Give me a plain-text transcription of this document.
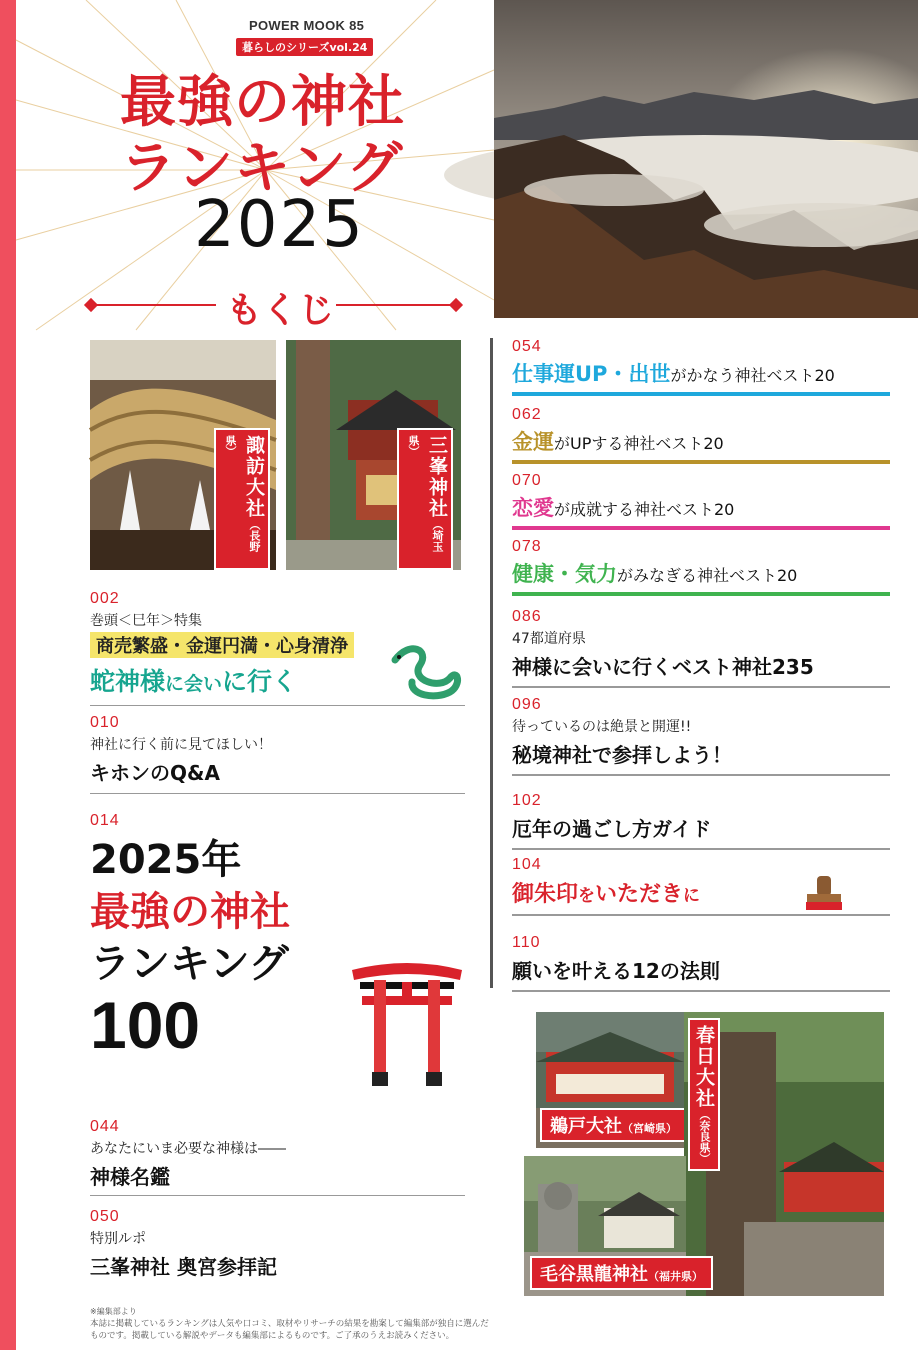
POWER MOOK 85
暮らしのシリーズvol.24
最強の神社
ランキング
2025
もくじ
諏訪大社（長野県）	三峯神社（埼玉県）
002
巻頭＜巳年＞特集
商売繁盛・金運円満・心身清浄
蛇神様に会いに行く
010
神社に行く前に見てほしい！
キホンのQ&A
014
2025年
最強の神社
ランキング
100
044
あなたにいま必要な神様は――
神様名鑑
050
特別ルポ
三峯神社 奥宮参拝記
054
仕事運UP・出世がかなう神社ベスト20
062
金運がUPする神社ベスト20
070
恋愛が成就する神社ベスト20
078
健康・気力がみなぎる神社ベスト20
086
47都道府県
神様に会いに行くベスト神社235
096
待っているのは絶景と開運!!
秘境神社で参拝しよう！
102
厄年の過ごし方ガイド
104
御朱印をいただきに
110
願いを叶える12の法則
鵜戸大社（宮崎県）
春日大社（奈良県）
毛谷黒龍神社（福井県）
※編集部より
本誌に掲載しているランキングは人気や口コミ、取材やリサーチの結果を勘案して編集部が独自に選んだものです。掲載している解説やデータも編集部によるものです。ご了承のうえお読みください。
